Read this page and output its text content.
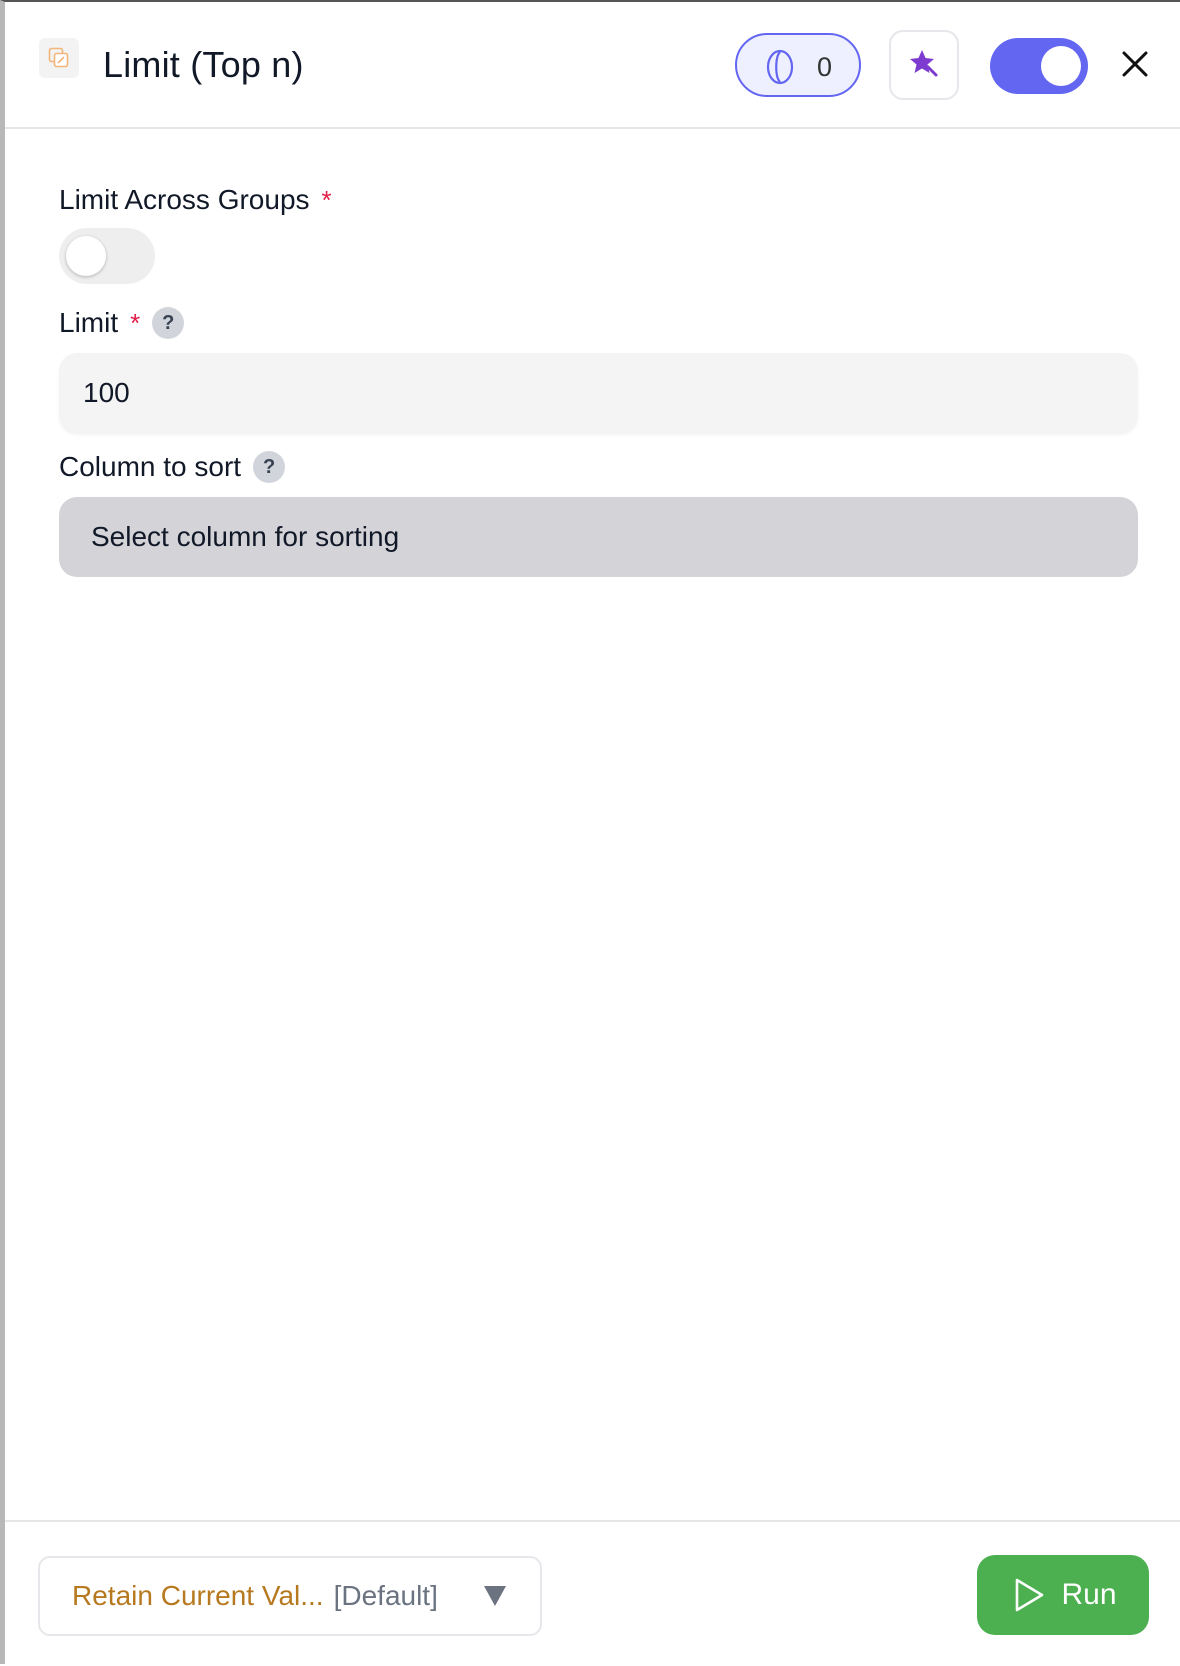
Limit (Top n)	0
Limit Across Groups *
Limit *	?
100
Column to sort	?
Select column for sorting
Retain Current Val... [Default]	Run
